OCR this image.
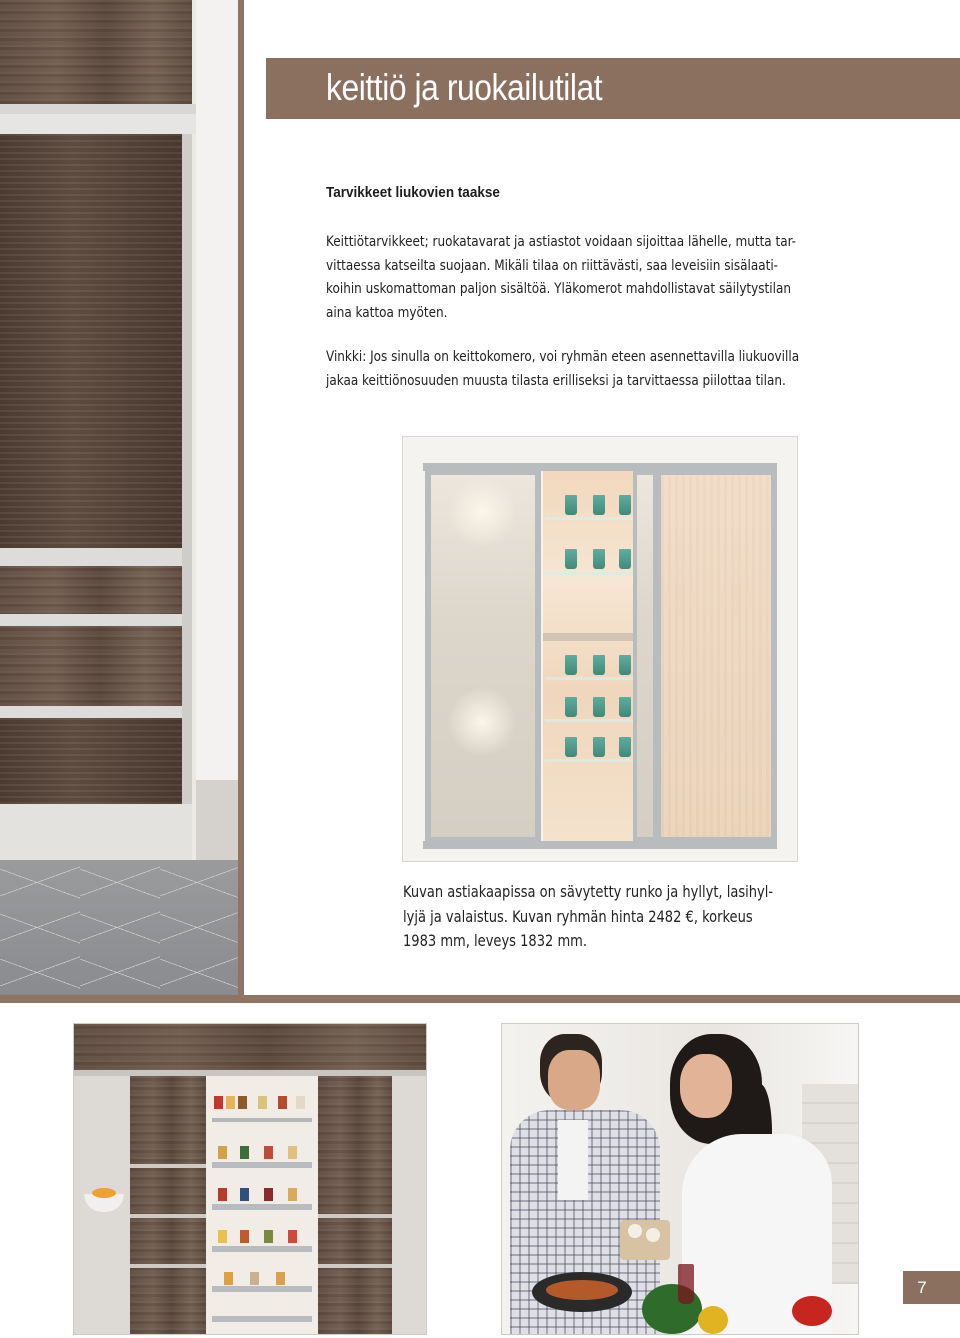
keittiö ja ruokailutilat
Tarvikkeet liukovien taakse
Keittiötarvikkeet; ruokatavarat ja astiastot voidaan sijoittaa lähelle, mutta tar-
vittaessa katseilta suojaan. Mikäli tilaa on riittävästi, saa leveisiin sisälaati-
koihin uskomattoman paljon sisältöä. Yläkomerot mahdollistavat säilytystilan
aina kattoa myöten.
Vinkki: Jos sinulla on keittokomero, voi ryhmän eteen asennettavilla liukuovilla
jakaa keittiönosuuden muusta tilasta erilliseksi ja tarvittaessa piilottaa tilan.
Kuvan astiakaapissa on sävytetty runko ja hyllyt, lasihyl-
lyjä ja valaistus. Kuvan ryhmän hinta 2482 €, korkeus
1983 mm, leveys 1832 mm.
7
